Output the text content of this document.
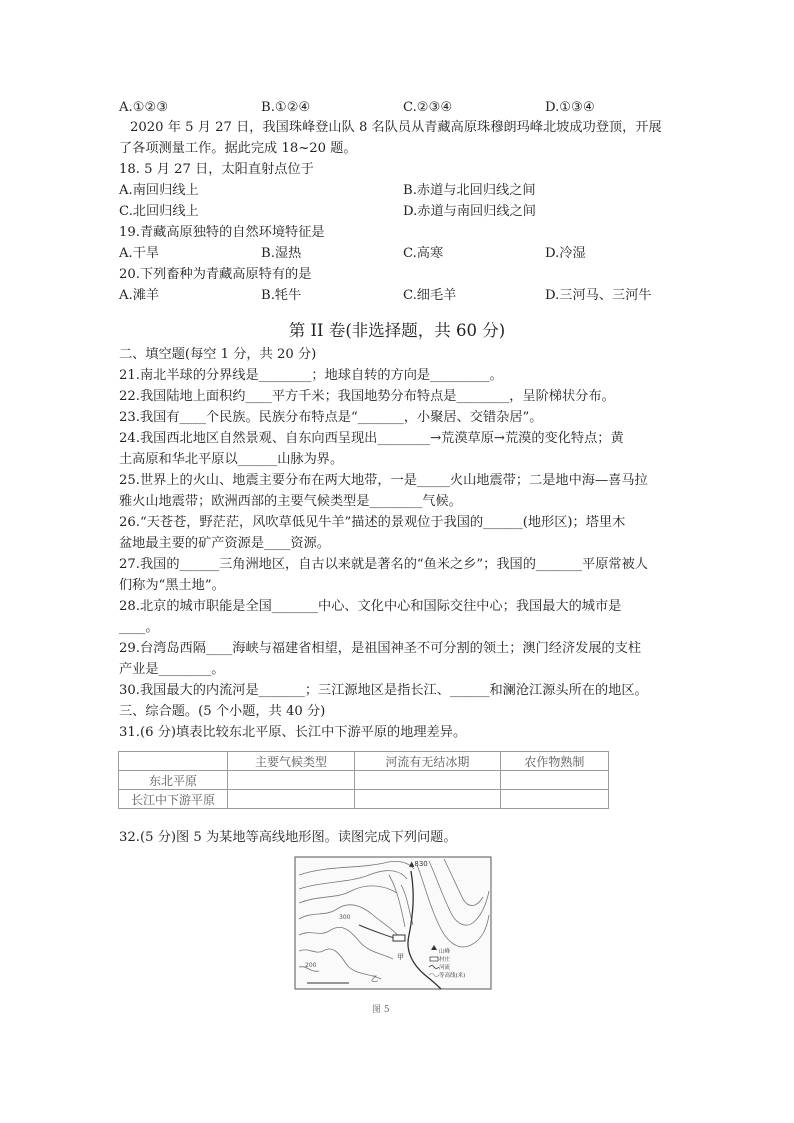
A.①②③	B.①②④	C.②③④	D.①③④
2020 年 5 月 27 日，我国珠峰登山队 8 名队员从青藏高原珠穆朗玛峰北坡成功登顶，开展
了各项测量工作。据此完成 18~20 题。
18. 5 月 27 日，太阳直射点位于
A.南回归线上	B.赤道与北回归线之间
C.北回归线上	D.赤道与南回归线之间
19.青藏高原独特的自然环境特征是
A.干旱	B.湿热	C.高寒	D.冷湿
20.下列畜种为青藏高原特有的是
A.滩羊	B.牦牛	C.细毛羊	D.三河马、三河牛
第 II 卷(非选择题，共 60 分)
二、填空题(每空 1 分，共 20 分)
21.南北半球的分界线是________；地球自转的方向是_________。
22.我国陆地上面积约____平方千米；我国地势分布特点是________，呈阶梯状分布。
23.我国有____个民族。民族分布特点是“_______，小聚居、交错杂居”。
24.我国西北地区自然景观、自东向西呈现出________→荒漠草原→荒漠的变化特点；黄
土高原和华北平原以______山脉为界。
25.世界上的火山、地震主要分布在两大地带，一是_____火山地震带；二是地中海—喜马拉
雅火山地震带；欧洲西部的主要气候类型是________气候。
26.“天苍苍，野茫茫，风吹草低见牛羊”描述的景观位于我国的______(地形区)；塔里木
盆地最主要的矿产资源是____资源。
27.我国的______三角洲地区，自古以来就是著名的“鱼米之乡”；我国的_______平原常被人
们称为“黑土地”。
28.北京的城市职能是全国_______中心、文化中心和国际交往中心；我国最大的城市是
____。
29.台湾岛西隔____海峡与福建省相望，是祖国神圣不可分割的领土；澳门经济发展的支柱
产业是________。
30.我国最大的内流河是_______；三江源地区是指长江、______和澜沧江源头所在的地区。
三、综合题。(5 个小题，共 40 分)
31.(6 分)填表比较东北平原、长江中下游平原的地理差异。
	主要气候类型	河流有无结冰期	农作物熟制
东北平原			
长江中下游平原			
32.(5 分)图 5 为某地等高线地形图。读图完成下列问题。
▲830
甲
乙
300
200
山峰
村庄
河流
等高线(米)
图 5
